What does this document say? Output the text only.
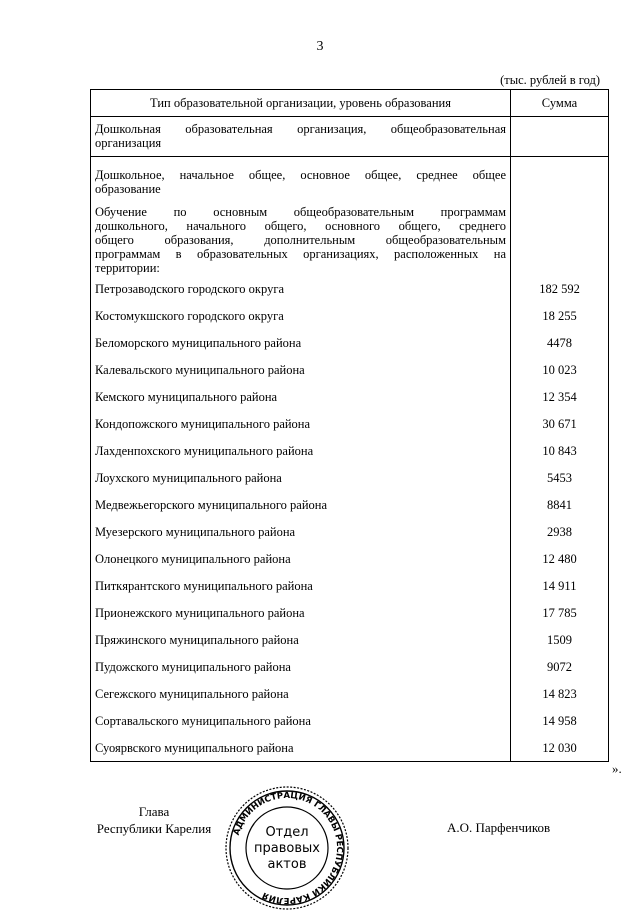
3
(тыс. рублей в год)
Тип образовательной организации, уровень образования	Сумма

Дошкольная образовательная организация, общеобразовательная
организация	

Дошкольное, начальное общее, основное общее, среднее общее
образование	

Обучение по основным общеобразовательным программам
дошкольного, начального общего, основного общего, среднего
общего образования, дополнительным общеобразовательным
программам в образовательных организациях, расположенных на
территории:	

Петрозаводского городского округа	182 592
Костомукшского городского округа	18 255
Беломорского муниципального района	4478
Калевальского муниципального района	10 023
Кемского муниципального района	12 354
Кондопожского муниципального района	30 671
Лахденпохского муниципального района	10 843
Лоухского муниципального района	5453
Медвежьегорского муниципального района	8841
Муезерского муниципального района	2938
Олонецкого муниципального района	12 480
Питкярантского муниципального района	14 911
Прионежского муниципального района	17 785
Пряжинского муниципального района	1509
Пудожского муниципального района	9072
Сегежского муниципального района	14 823
Сортавальского муниципального района	14 958
Суоярвского муниципального района	12 030
».
Глава
Республики Карелия	АДМИНИСТРАЦИЯ ГЛАВЫ РЕСПУБЛИКИ КАРЕЛИЯ
Отдел
правовых
актов
А.О. Парфенчиков
